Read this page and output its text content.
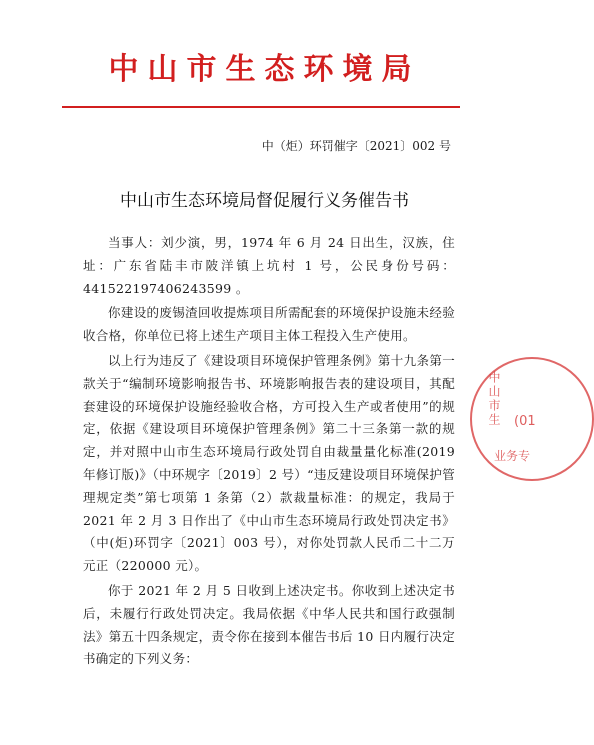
中山市生态环境局
中（炬）环罚催字〔2021〕002 号
中山市生态环境局督促履行义务催告书

当事人：刘少演，男，1974 年 6 月 24 日出生，汉族，住址：广东省陆丰市陂洋镇上坑村 1 号，公民身份号码：441522197406243599 。

你建设的废锡渣回收提炼项目所需配套的环境保护设施未经验收合格，你单位已将上述生产项目主体工程投入生产使用。

以上行为违反了《建设项目环境保护管理条例》第十九条第一款关于“编制环境影响报告书、环境影响报告表的建设项目，其配套建设的环境保护设施经验收合格，方可投入生产或者使用”的规定，依据《建设项目环境保护管理条例》第二十三条第一款的规定，并对照中山市生态环境局行政处罚自由裁量量化标准(2019 年修订版)》（中环规字〔2019〕2 号）“违反建设项目环境保护管理规定类”第七项第 1 条第（2）款裁量标准：的规定，我局于 2021 年 2 月 3 日作出了《中山市生态环境局行政处罚决定书》（中(炬)环罚字〔2021〕003 号），对你处罚款人民币二十二万元正（220000 元）。

你于 2021 年 2 月 5 日收到上述决定书。你收到上述决定书后，未履行行政处罚决定。我局依据《中华人民共和国行政强制法》第五十四条规定，责令你在接到本催告书后 10 日内履行决定书确定的下列义务：

中山市生 (01
业务专
